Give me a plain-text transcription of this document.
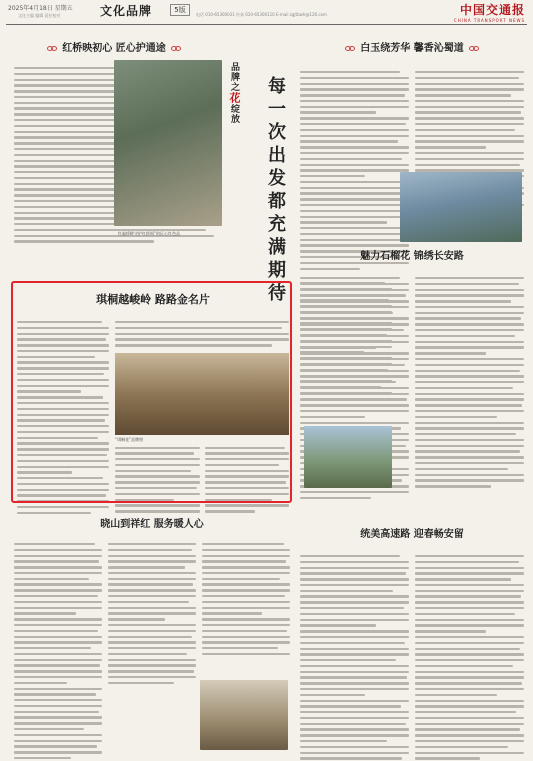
2025年4月18日 星期五
文化主编 编辑 责任校对	文化品牌	5版
电话 010-65300031 传真 010-65300110 E-mail zgjtbwh@126.com	中国交通报
CHINA TRANSPORT NEWS
红桥映初心 匠心护通途
红遍桥畔守护红桥间”的匠心红色品
品牌之花绽放	每一次出发都充满期待
白玉绕芳华 馨香沁蜀道
琪桐越峻岭 路路金名片
“琪桐花”品牌照
魅力石榴花 锦绣长安路
晓山到祥红 服务暖人心
统美高速路 迎春畅安留
